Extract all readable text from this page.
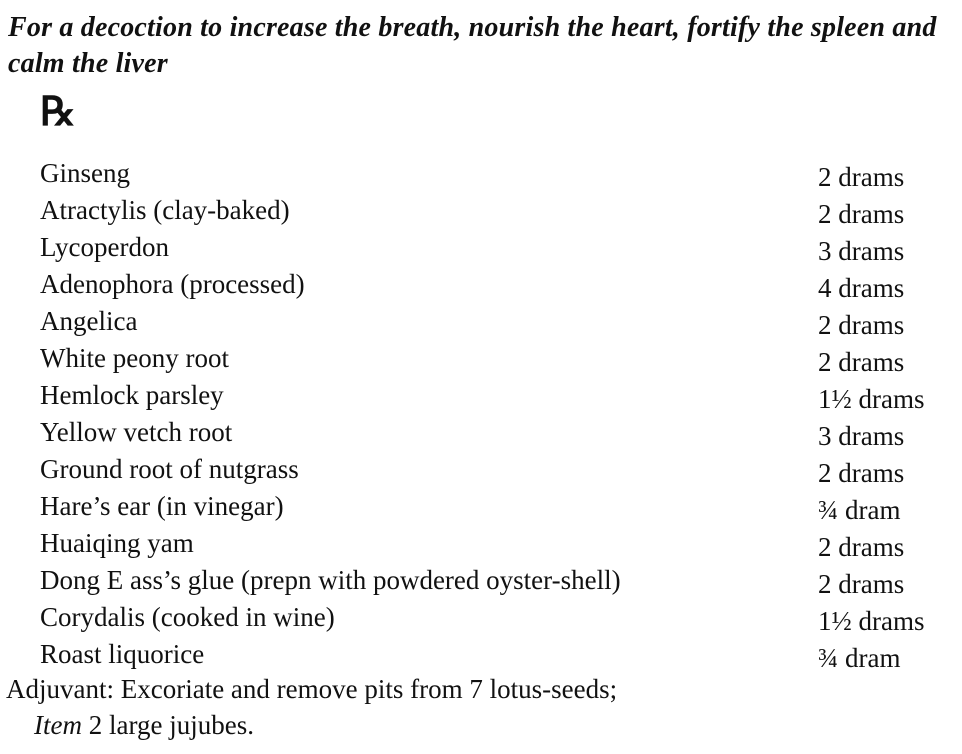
For a decoction to increase the breath, nourish the heart, fortify the spleen and calm the liver
℞
Ginseng	2 drams
Atractylis (clay-baked)	2 drams
Lycoperdon	3 drams
Adenophora (processed)	4 drams
Angelica	2 drams
White peony root	2 drams
Hemlock parsley	1½ drams
Yellow vetch root	3 drams
Ground root of nutgrass	2 drams
Hare’s ear (in vinegar)	¾ dram
Huaiqing yam	2 drams
Dong E ass’s glue (prepn with powdered oyster-shell)	2 drams
Corydalis (cooked in wine)	1½ drams
Roast liquorice	¾ dram
Adjuvant: Excoriate and remove pits from 7 lotus-seeds;
Item 2 large jujubes.
